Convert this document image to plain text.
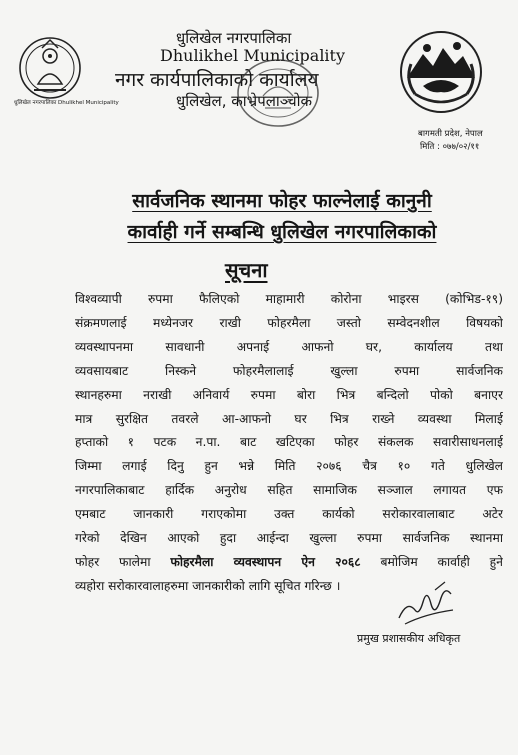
धुलिखेल नगरपालिका Dhulikhel Municipality
धुलिखेल नगरपालिका
Dhulikhel Municipality
नगर कार्यपालिकाको कार्यालय
धुलिखेल, काभ्रेपलाञ्चोक
बागमती प्रदेश, नेपाल
मिति : ०७७/०२/११
सार्वजनिक स्थानमा फोहर फाल्नेलाई कानुनी
कार्वाही गर्ने सम्बन्धि धुलिखेल नगरपालिकाको
सूचना
विश्वव्यापी रुपमा फैलिएको माहामारी कोरोना भाइरस (कोभिड-१९)
संक्रमणलाई मध्येनजर राखी फोहरमैला जस्तो सम्वेदनशील विषयको
व्यवस्थापनमा सावधानी अपनाई आफनो घर, कार्यालय तथा
व्यवसायबाट निस्कने फोहरमैलालाई खुल्ला रुपमा सार्वजनिक
स्थानहरुमा नराखी अनिवार्य रुपमा बोरा भित्र बन्दिलो पोको बनाएर
मात्र सुरक्षित तवरले आ-आफनो घर भित्र राख्ने व्यवस्था मिलाई
हप्ताको १ पटक न.पा. बाट खटिएका फोहर संकलक सवारीसाधनलाई
जिम्मा लगाई दिनु हुन भन्ने मिति २०७६ चैत्र १० गते धुलिखेल
नगरपालिकाबाट हार्दिक अनुरोध सहित सामाजिक सञ्जाल लगायत एफ
एमबाट जानकारी गराएकोमा उक्त कार्यको सरोकारवालाबाट अटेर
गरेको देखिन आएको हुदा आईन्दा खुल्ला रुपमा सार्वजनिक स्थानमा
फोहर फालेमा फोहरमैला व्यवस्थापन ऐन २०६८ बमोजिम कार्वाही हुने
व्यहोरा सरोकारवालाहरुमा जानकारीको लागि सूचित गरिन्छ ।
प्रमुख प्रशासकीय अधिकृत
